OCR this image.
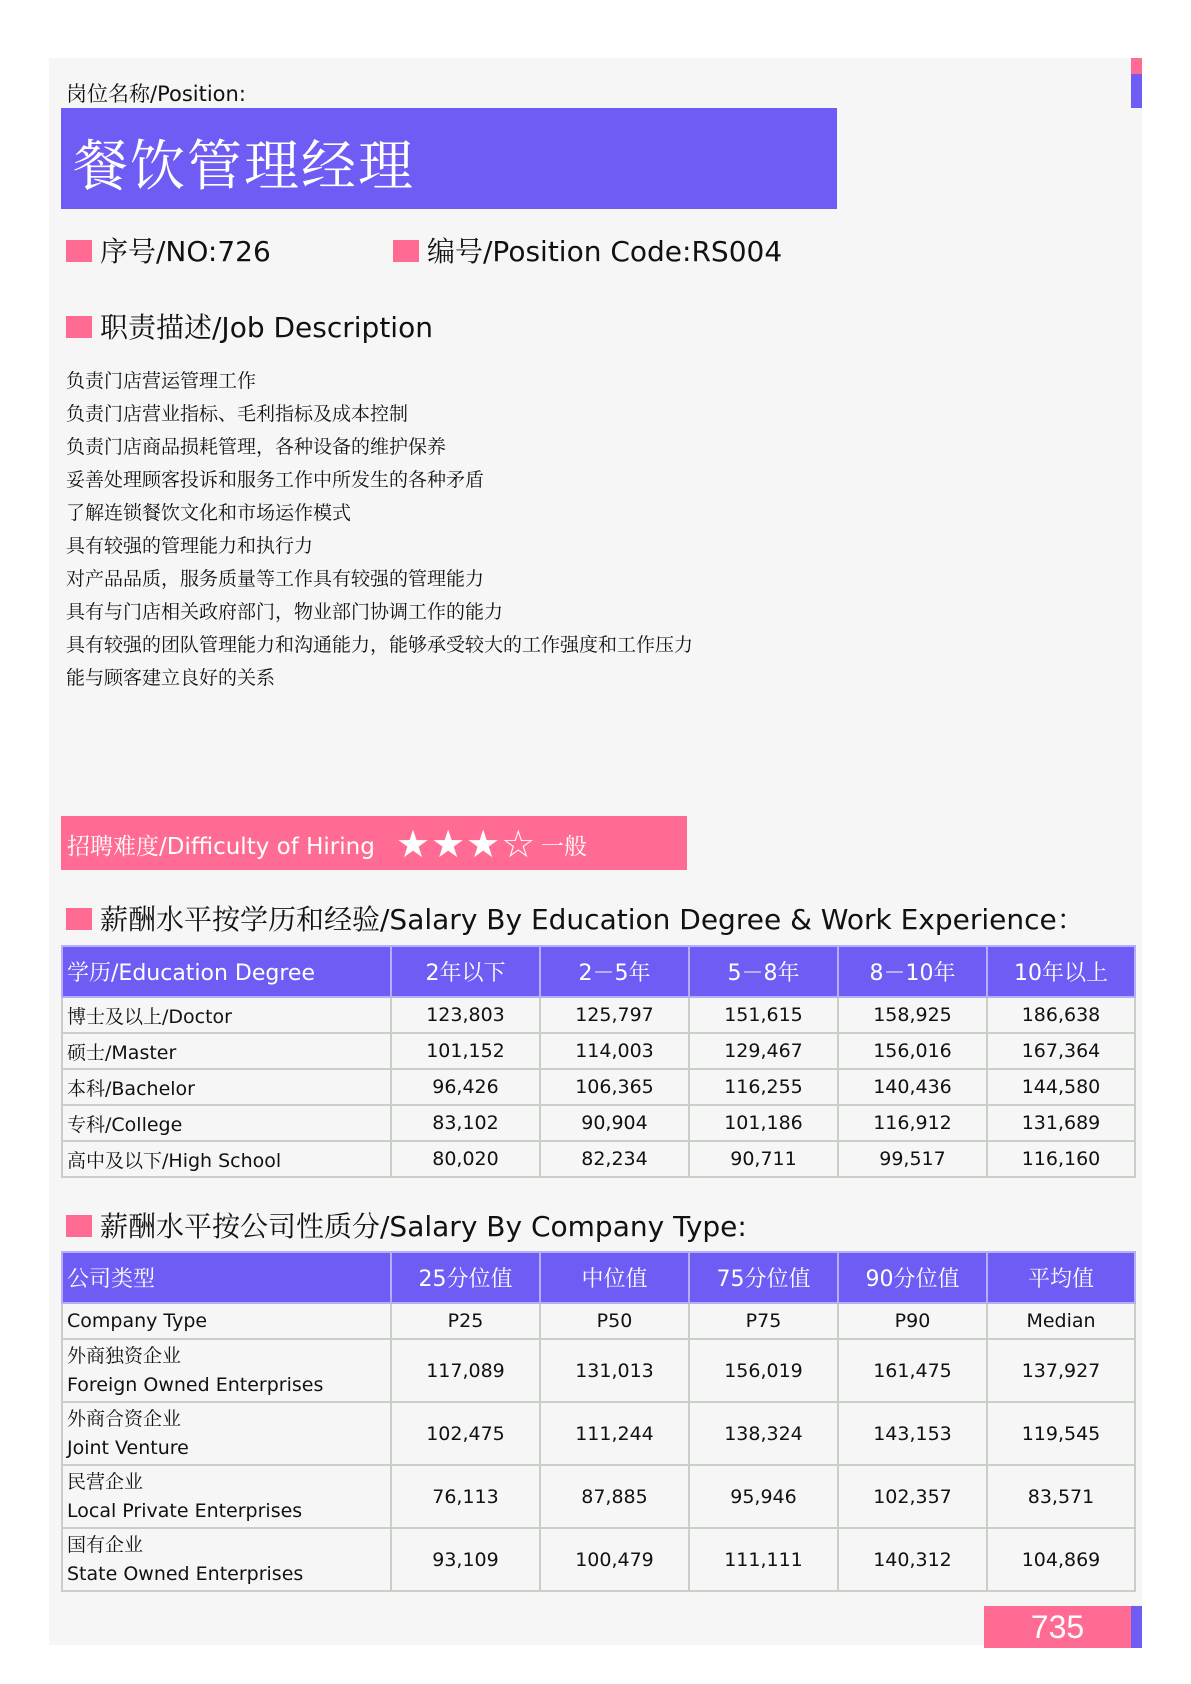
岗位名称/Position:
餐饮管理经理
序号/NO:726	编号/Position Code:RS004
职责描述/Job Description
负责门店营运管理工作
负责门店营业指标、毛利指标及成本控制
负责门店商品损耗管理，各种设备的维护保养
妥善处理顾客投诉和服务工作中所发生的各种矛盾
了解连锁餐饮文化和市场运作模式
具有较强的管理能力和执行力
对产品品质，服务质量等工作具有较强的管理能力
具有与门店相关政府部门，物业部门协调工作的能力
具有较强的团队管理能力和沟通能力，能够承受较大的工作强度和工作压力
能与顾客建立良好的关系
招聘难度/Difficulty of Hiring ★★★☆ 一般
薪酬水平按学历和经验/Salary By Education Degree & Work Experience：
学历/Education Degree	2年以下	2－5年	5－8年	8－10年	10年以上
博士及以上/Doctor	123,803	125,797	151,615	158,925	186,638
硕士/Master	101,152	114,003	129,467	156,016	167,364
本科/Bachelor	96,426	106,365	116,255	140,436	144,580
专科/College	83,102	90,904	101,186	116,912	131,689
高中及以下/High School	80,020	82,234	90,711	99,517	116,160
薪酬水平按公司性质分/Salary By Company Type:
公司类型	25分位值	中位值	75分位值	90分位值	平均值
Company Type	P25	P50	P75	P90	Median

外商独资企业
Foreign Owned Enterprises	117,089	131,013	156,019	161,475	137,927

外商合资企业
Joint Venture	102,475	111,244	138,324	143,153	119,545

民营企业
Local Private Enterprises	76,113	87,885	95,946	102,357	83,571

国有企业
State Owned Enterprises	93,109	100,479	111,111	140,312	104,869
735
